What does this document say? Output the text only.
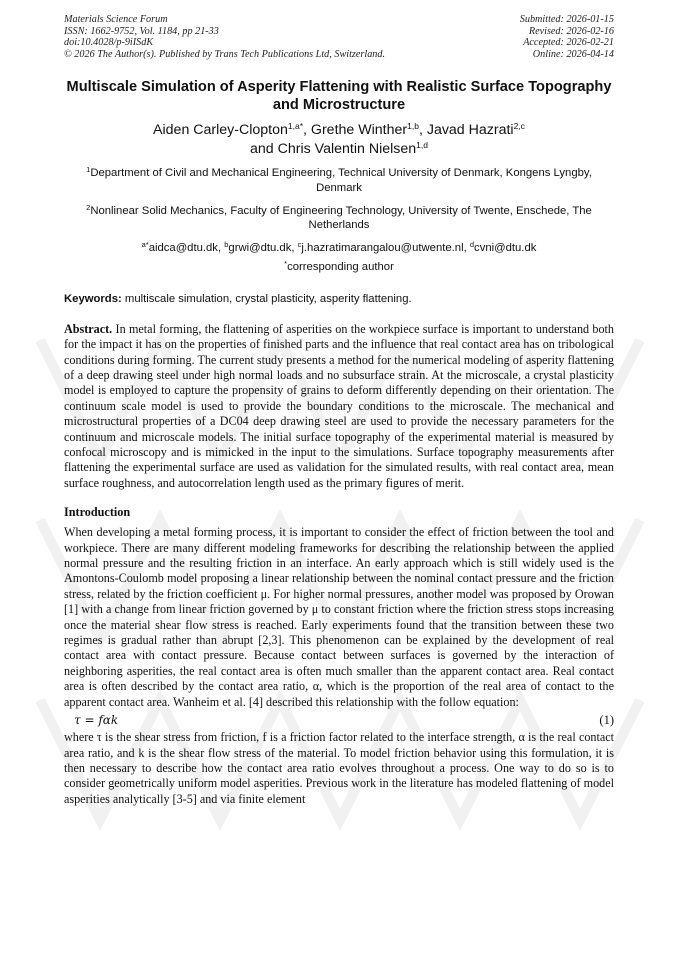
Materials Science Forum
ISSN: 1662-9752, Vol. 1184, pp 21-33
doi:10.4028/p-9iISdK
© 2026 The Author(s). Published by Trans Tech Publications Ltd, Switzerland.
Submitted: 2026-01-15
Revised: 2026-02-16
Accepted: 2026-02-21
Online: 2026-04-14
Multiscale Simulation of Asperity Flattening with Realistic Surface Topography and Microstructure
Aiden Carley-Clopton$^{1,a*}$, Grethe Winther$^{1,b}$, Javad Hazrati$^{2,c}$
and Chris Valentin Nielsen$^{1,d}$
$^1$Department of Civil and Mechanical Engineering, Technical University of Denmark, Kongens Lyngby, Denmark
$^2$Nonlinear Solid Mechanics, Faculty of Engineering Technology, University of Twente, Enschede, The Netherlands
$^{a*}$aidca@dtu.dk, $^b$grwi@dtu.dk, $^c$j.hazratimarangalou@utwente.nl, $^d$cvni@dtu.dk
*corresponding author
Keywords: multiscale simulation, crystal plasticity, asperity flattening.
Abstract. In metal forming, the flattening of asperities on the workpiece surface is important to understand both for the impact it has on the properties of finished parts and the influence that real contact area has on tribological conditions during forming. The current study presents a method for the numerical modeling of asperity flattening of a deep drawing steel under high normal loads and no subsurface strain. At the microscale, a crystal plasticity model is employed to capture the propensity of grains to deform differently depending on their orientation. The continuum scale model is used to provide the boundary conditions to the microscale. The mechanical and microstructural properties of a DC04 deep drawing steel are used to provide the necessary parameters for the continuum and microscale models. The initial surface topography of the experimental material is measured by confocal microscopy and is mimicked in the input to the simulations. Surface topography measurements after flattening the experimental surface are used as validation for the simulated results, with real contact area, mean surface roughness, and autocorrelation length used as the primary figures of merit.
Introduction
When developing a metal forming process, it is important to consider the effect of friction between the tool and workpiece. There are many different modeling frameworks for describing the relationship between the applied normal pressure and the resulting friction in an interface. An early approach which is still widely used is the Amontons-Coulomb model proposing a linear relationship between the nominal contact pressure and the friction stress, related by the friction coefficient μ. For higher normal pressures, another model was proposed by Orowan [1] with a change from linear friction governed by μ to constant friction where the friction stress stops increasing once the material shear flow stress is reached. Early experiments found that the transition between these two regimes is gradual rather than abrupt [2,3]. This phenomenon can be explained by the development of real contact area with contact pressure. Because contact between surfaces is governed by the interaction of neighboring asperities, the real contact area is often much smaller than the apparent contact area. Real contact area is often described by the contact area ratio, α, which is the proportion of the real area of contact to the apparent contact area. Wanheim et al. [4] described this relationship with the follow equation:
τ = fαk	(1)
where τ is the shear stress from friction, f is a friction factor related to the interface strength, α is the real contact area ratio, and k is the shear flow stress of the material. To model friction behavior using this formulation, it is then necessary to describe how the contact area ratio evolves throughout a process. One way to do so is to consider geometrically uniform model asperities. Previous work in the literature has modeled flattening of model asperities analytically [3-5] and via finite element
